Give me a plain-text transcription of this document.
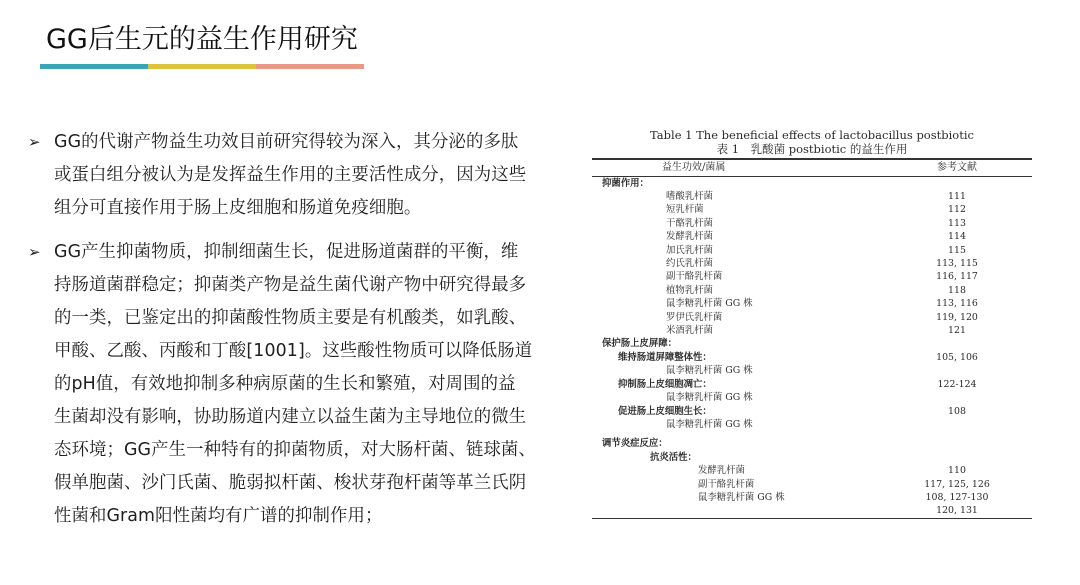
GG后生元的益生作用研究
➢ GG的代谢产物益生功效目前研究得较为深入，其分泌的多肽
或蛋白组分被认为是发挥益生作用的主要活性成分，因为这些
组分可直接作用于肠上皮细胞和肠道免疫细胞。
➢ GG产生抑菌物质，抑制细菌生长，促进肠道菌群的平衡，维
持肠道菌群稳定；抑菌类产物是益生菌代谢产物中研究得最多
的一类，已鉴定出的抑菌酸性物质主要是有机酸类，如乳酸、
甲酸、乙酸、丙酸和丁酸[1001]。这些酸性物质可以降低肠道
的pH值，有效地抑制多种病原菌的生长和繁殖，对周围的益
生菌却没有影响，协助肠道内建立以益生菌为主导地位的微生
态环境；GG产生一种特有的抑菌物质，对大肠杆菌、链球菌、
假单胞菌、沙门氏菌、脆弱拟杆菌、梭状芽孢杆菌等革兰氏阴
性菌和Gram阳性菌均有广谱的抑制作用；
Table 1 The beneficial effects of lactobacillus postbiotic
表 1　乳酸菌 postbiotic 的益生作用
益生功效/菌属	参考文献
抑菌作用：
嗜酸乳杆菌	111
短乳杆菌	112
干酪乳杆菌	113
发酵乳杆菌	114
加氏乳杆菌	115
约氏乳杆菌	113, 115
副干酪乳杆菌	116, 117
植物乳杆菌	118
鼠李糖乳杆菌 GG 株	113, 116
罗伊氏乳杆菌	119, 120
米酒乳杆菌	121
保护肠上皮屏障：
维持肠道屏障整体性：	105, 106
鼠李糖乳杆菌 GG 株
抑制肠上皮细胞凋亡：	122-124
鼠李糖乳杆菌 GG 株
促进肠上皮细胞生长：	108
鼠李糖乳杆菌 GG 株
调节炎症反应：
抗炎活性：
发酵乳杆菌	110
副干酪乳杆菌	117, 125, 126
鼠李糖乳杆菌 GG 株	108, 127-130
120, 131
